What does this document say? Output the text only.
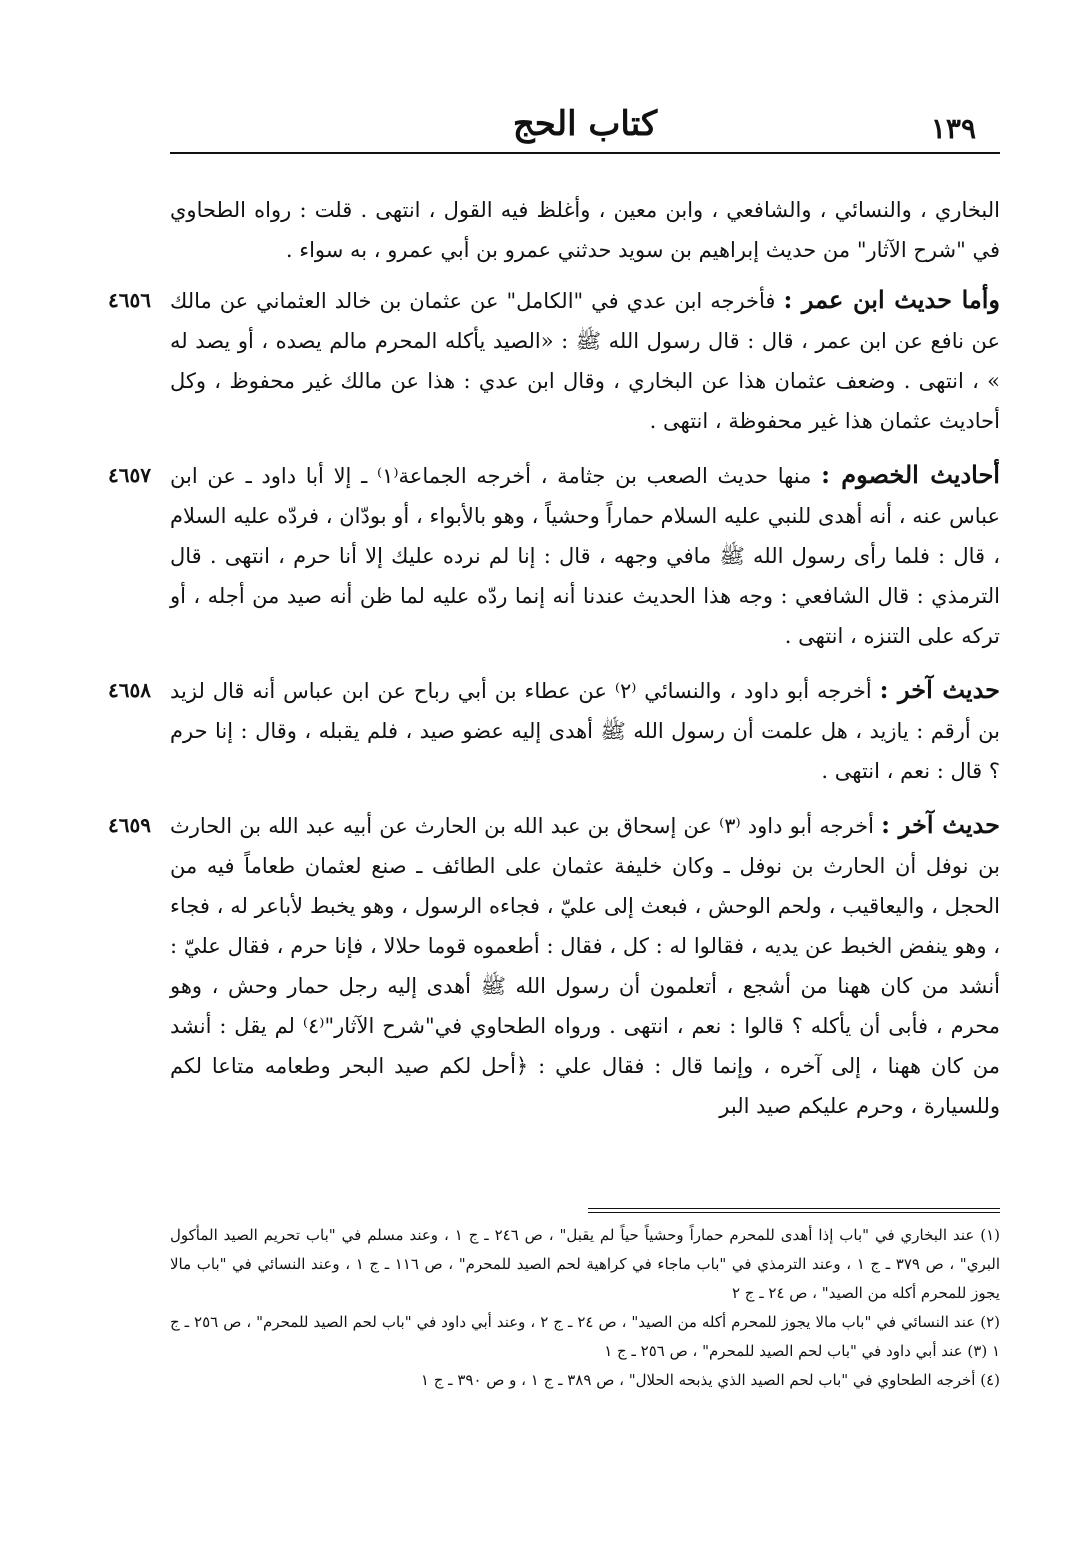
١٣٩
كتاب الحج

البخاري ، والنسائي ، والشافعي ، وابن معين ، وأغلظ فيه القول ، انتهى . قلت : رواه الطحاوي في "شرح الآثار" من حديث إبراهيم بن سويد حدثني عمرو بن أبي عمرو ، به سواء .

٤٦٥٦	وأما حديث ابن عمر : فأخرجه ابن عدي في "الكامل" عن عثمان بن خالد العثماني عن مالك عن نافع عن ابن عمر ، قال : قال رسول الله ﷺ : «الصيد يأكله المحرم مالم يصده ، أو يصد له » ، انتهى . وضعف عثمان هذا عن البخاري ، وقال ابن عدي : هذا عن مالك غير محفوظ ، وكل أحاديث عثمان هذا غير محفوظة ، انتهى .

٤٦٥٧	أحاديث الخصوم : منها حديث الصعب بن جثامة ، أخرجه الجماعة⁽١⁾ ـ إلا أبا داود ـ عن ابن عباس عنه ، أنه أهدى للنبي عليه السلام حماراً وحشياً ، وهو بالأبواء ، أو بودّان ، فردّه عليه السلام ، قال : فلما رأى رسول الله ﷺ مافي وجهه ، قال : إنا لم نرده عليك إلا أنا حرم ، انتهى . قال الترمذي : قال الشافعي : وجه هذا الحديث عندنا أنه إنما ردّه عليه لما ظن أنه صيد من أجله ، أو تركه على التنزه ، انتهى .

٤٦٥٨	حديث آخر : أخرجه أبو داود ، والنسائي ⁽٢⁾ عن عطاء بن أبي رباح عن ابن عباس أنه قال لزيد بن أرقم : يازيد ، هل علمت أن رسول الله ﷺ أهدى إليه عضو صيد ، فلم يقبله ، وقال : إنا حرم ؟ قال : نعم ، انتهى .

٤٦٥٩	حديث آخر : أخرجه أبو داود ⁽٣⁾ عن إسحاق بن عبد الله بن الحارث عن أبيه عبد الله بن الحارث بن نوفل أن الحارث بن نوفل ـ وكان خليفة عثمان على الطائف ـ صنع لعثمان طعاماً فيه من الحجل ، واليعاقيب ، ولحم الوحش ، فبعث إلى عليّ ، فجاءه الرسول ، وهو يخبط لأباعر له ، فجاء ، وهو ينفض الخبط عن يديه ، فقالوا له : كل ، فقال : أطعموه قوما حلالا ، فإنا حرم ، فقال عليّ : أنشد من كان ههنا من أشجع ، أتعلمون أن رسول الله ﷺ أهدى إليه رجل حمار وحش ، وهو محرم ، فأبى أن يأكله ؟ قالوا : نعم ، انتهى . ورواه الطحاوي في"شرح الآثار"⁽٤⁾ لم يقل : أنشد من كان ههنا ، إلى آخره ، وإنما قال : فقال علي : ﴿أحل لكم صيد البحر وطعامه متاعا لكم وللسيارة ، وحرم عليكم صيد البر

(١) عند البخاري في "باب إذا أهدى للمحرم حماراً وحشياً حياً لم يقبل" ، ص ٢٤٦ ـ ج ١ ، وعند مسلم في "باب تحريم الصيد المأكول البري" ، ص ٣٧٩ ـ ج ١ ، وعند الترمذي في "باب ماجاء في كراهية لحم الصيد للمحرم" ، ص ١١٦ ـ ج ١ ، وعند النسائي في "باب مالا يجوز للمحرم أكله من الصيد" ، ص ٢٤ ـ ج ٢

(٢) عند النسائي في "باب مالا يجوز للمحرم أكله من الصيد" ، ص ٢٤ ـ ج ٢ ، وعند أبي داود في "باب لحم الصيد للمحرم" ، ص ٢٥٦ ـ ج ١ (٣) عند أبي داود في "باب لحم الصيد للمحرم" ، ص ٢٥٦ ـ ج ١

(٤) أخرجه الطحاوي في "باب لحم الصيد الذي يذبحه الحلال" ، ص ٣٨٩ ـ ج ١ ، و ص ٣٩٠ ـ ج ١
